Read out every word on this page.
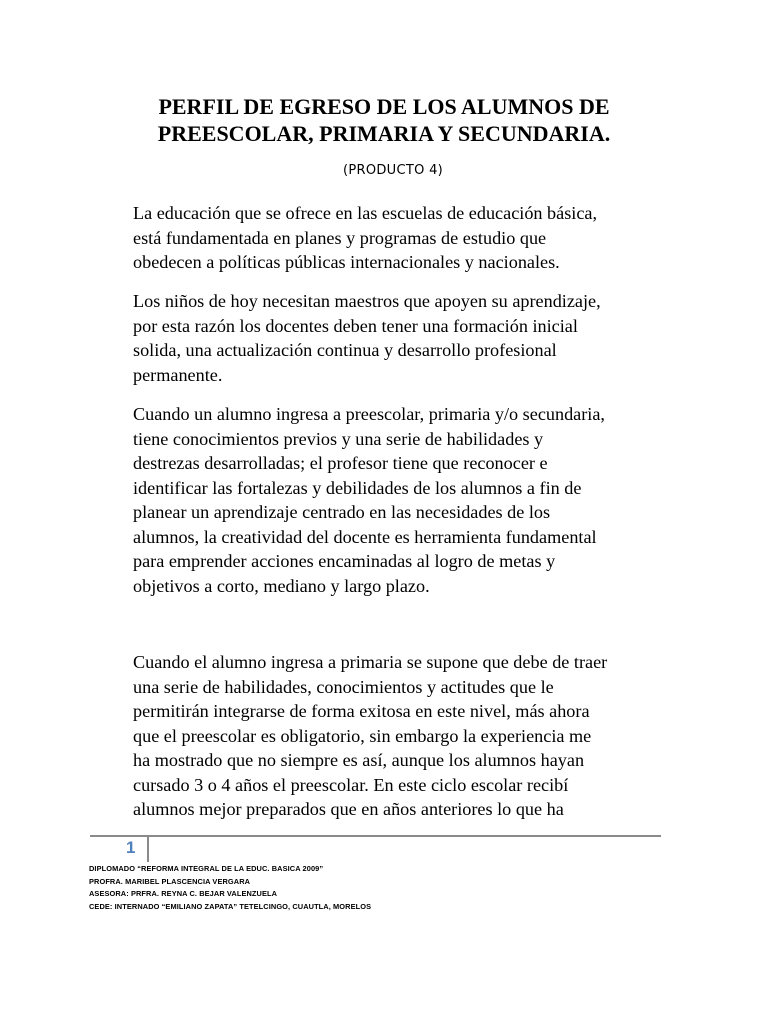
PERFIL DE EGRESO DE LOS ALUMNOS DE
PREESCOLAR, PRIMARIA Y SECUNDARIA.
(PRODUCTO 4)

La educación que se ofrece en las escuelas de educación básica,
está fundamentada en planes y programas de estudio que
obedecen a políticas públicas internacionales y nacionales.

Los niños de hoy necesitan maestros que apoyen su aprendizaje,
por esta razón los docentes deben tener una formación inicial
solida, una actualización continua y desarrollo profesional
permanente.

Cuando un alumno ingresa a preescolar, primaria y/o secundaria,
tiene conocimientos previos y una serie de habilidades y
destrezas desarrolladas; el profesor tiene que reconocer e
identificar las fortalezas y debilidades de los alumnos a fin de
planear un aprendizaje centrado en las necesidades de los
alumnos, la creatividad del docente es herramienta fundamental
para emprender acciones encaminadas al logro de metas y
objetivos a corto, mediano y largo plazo.

Cuando el alumno ingresa a primaria se supone que debe de traer
una serie de habilidades, conocimientos y actitudes que le
permitirán integrarse de forma exitosa en este nivel, más ahora
que el preescolar es obligatorio, sin embargo la experiencia me
ha mostrado que no siempre es así, aunque los alumnos hayan
cursado 3 o 4 años el preescolar. En este ciclo escolar recibí
alumnos mejor preparados que en años anteriores lo que ha

1
DIPLOMADO “REFORMA INTEGRAL DE LA EDUC. BASICA 2009”
PROFRA. MARIBEL PLASCENCIA VERGARA
ASESORA: PRFRA. REYNA C. BEJAR VALENZUELA
CEDE: INTERNADO “EMILIANO ZAPATA” TETELCINGO, CUAUTLA, MORELOS
